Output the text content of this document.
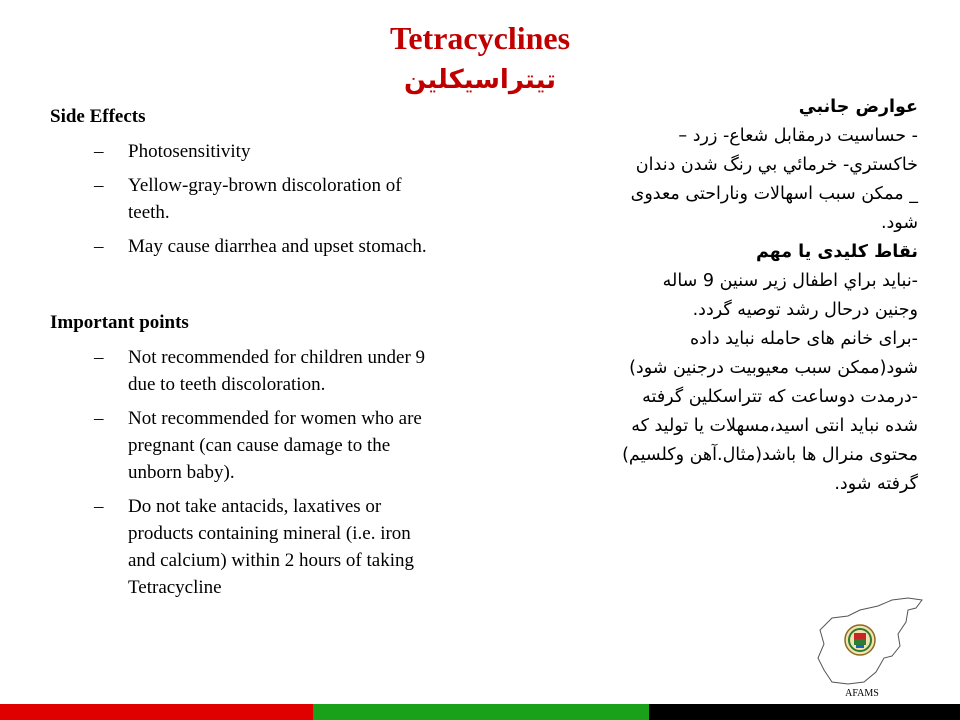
Tetracyclines
تیتراسیکلین

Side Effects

– Photosensitivity
– Yellow-gray-brown discoloration of teeth.
– May cause diarrhea and upset stomach.

Important points

– Not recommended for children under 9 due to teeth discoloration.
– Not recommended for women who are pregnant (can cause damage to the unborn baby).
– Do not take antacids, laxatives or products containing mineral (i.e. iron and calcium) within 2 hours of taking Tetracycline

عوارض جانبي

- حساسيت درمقابل شعاع- زرد –

خاكستري- خرمائي بي رنگ شدن دندان

_ ممکن سبب اسهالات وناراحتی معدوی

شود.

نقاط کلیدی یا مهم

-نبايد براي اطفال زير سنين 9 ساله

وجنین درحال رشد توصیه گردد.

-برای خانم های حامله نباید داده

شود(ممکن سبب معیوبیت درجنین شود)

-درمدت دوساعت که تتراسکلین گرفته

شده نباید انتی اسید،مسهلات یا تولید که

محتوی منرال ها باشد(مثال.آهن وکلسیم)

گرفته شود.

AFAMS
